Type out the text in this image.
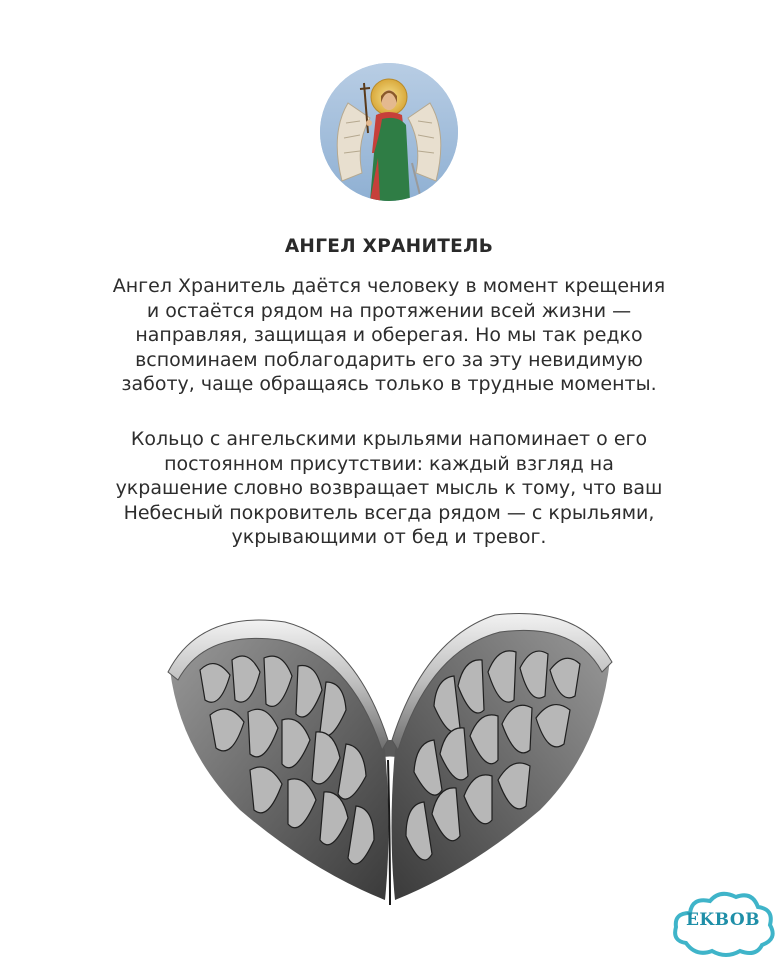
АНГЕЛ ХРАНИТЕЛЬ
Ангел Хранитель даётся человеку в момент крещения
и остаётся рядом на протяжении всей жизни —
направляя, защищая и оберегая. Но мы так редко
вспоминаем поблагодарить его за эту невидимую
заботу, чаще обращаясь только в трудные моменты.
Кольцо с ангельскими крыльями напоминает о его
постоянном присутствии: каждый взгляд на
украшение словно возвращает мысль к тому, что ваш
Небесный покровитель всегда рядом — с крыльями,
укрывающими от бед и тревог.
EKBOB
